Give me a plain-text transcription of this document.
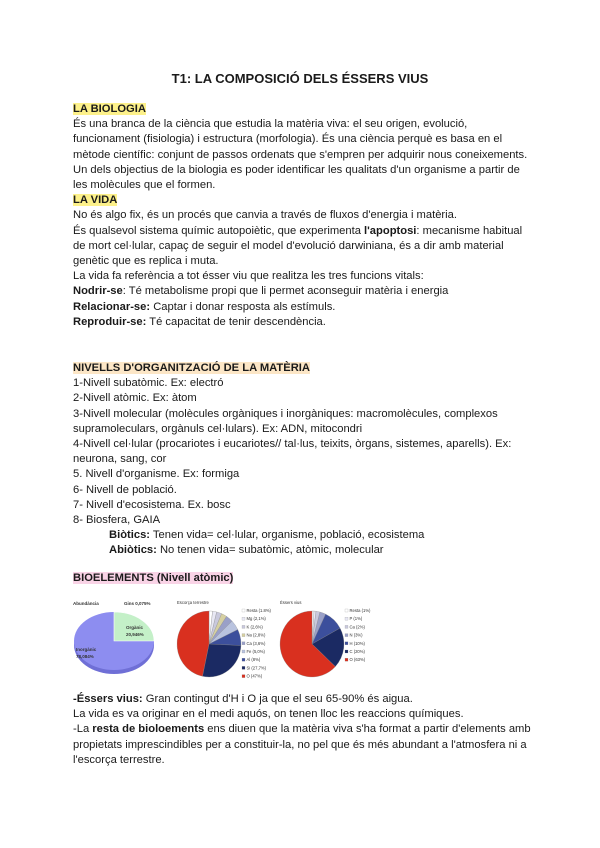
T1: LA COMPOSICIÓ DELS ÉSSERS VIUS

LA BIOLOGIA

És una branca de la ciència que estudia la matèria viva: el seu origen, evolució, funcionament (fisiologia) i estructura (morfologia). És una ciència perquè es basa en el mètode científic: conjunt de passos ordenats que s'empren per adquirir nous coneixements.

Un dels objectius de la biologia es poder identificar les qualitats d'un organisme a partir de les molècules que el formen.

LA VIDA

No és algo fix, és un procés que canvia a través de fluxos d'energia i matèria.

És qualsevol sistema químic autopoiètic, que experimenta l'apoptosi: mecanisme habitual de mort cel·lular, capaç de seguir el model d'evolució darwiniana, és a dir amb material genètic que es replica i muta.

La vida fa referència a tot ésser viu que realitza les tres funcions vitals:

Nodrir-se: Té metabolisme propi que li permet aconseguir matèria i energia

Relacionar-se: Captar i donar resposta als estímuls.

Reproduir-se: Té capacitat de tenir descendència.

NIVELLS D'ORGANITZACIÓ DE LA MATÈRIA

1-Nivell subatòmic. Ex: electró

2-Nivell atòmic. Ex: àtom

3-Nivell molecular (molècules orgàniques i inorgàniques: macromolècules, complexos supramoleculars, orgànuls cel·lulars). Ex: ADN, mitocondri

4-Nivell cel·lular (procariotes i eucariotes// tal·lus, teixits, òrgans, sistemes, aparells). Ex: neurona, sang, cor

5. Nivell d'organisme. Ex: formiga

6- Nivell de població.

7- Nivell d'ecosistema. Ex. bosc

8- Biosfera, GAIA

Biòtics: Tenen vida= cel·lular, organisme, població, ecosistema

Abiòtics: No tenen vida= subatòmic, atòmic, molecular

BIOELEMENTS (Nivell atòmic)

Abundància	Gins 0,075%
Orgànic
20,946%
Inorgànic
78,084%
Escorça terrestre
Resta (1.8%)
Mg (2,1%)
K (2,6%)
Na (2,8%)
Ca (3,6%)
Fe (5,0%)
Al (8%)
Si (27,7%)
O (47%)
Éssers vius
Resta (1%)
P (1%)
Ca (2%)
N (3%)
H (10%)
C (20%)
O (63%)

-Éssers vius: Gran contingut d'H i O ja que el seu 65-90% és aigua.

La vida es va originar en el medi aquós, on tenen lloc les reaccions químiques.

-La resta de bioloements ens diuen que la matèria viva s'ha format a partir d'elements amb propietats imprescindibles per a constituir-la, no pel que és més abundant a l'atmosfera ni a l'escorça terrestre.
